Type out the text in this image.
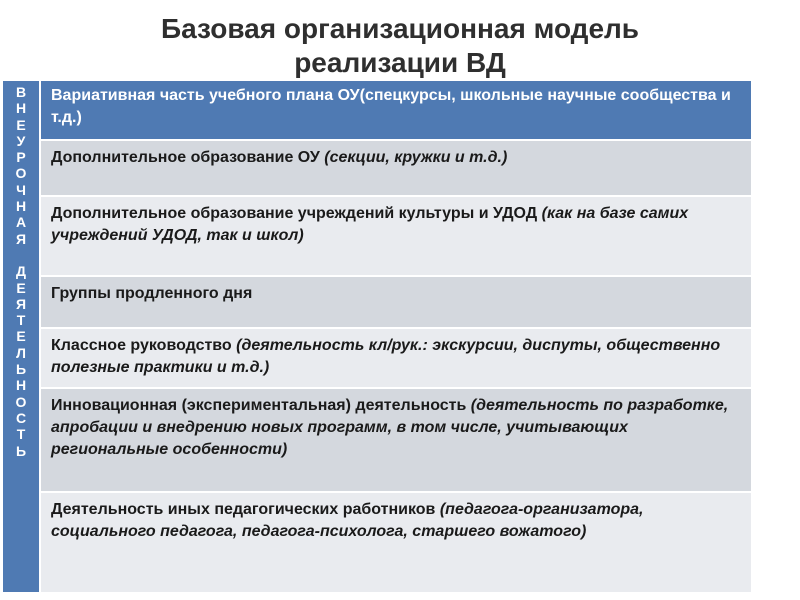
Базовая организационная модель
реализации ВД
В
Н
Е
У
Р
О
Ч
Н
А
Я

Д
Е
Я
Т
Е
Л
Ь
Н
О
С
Т
Ь
Вариативная часть учебного плана ОУ(спецкурсы, школьные научные сообщества и т.д.)
Дополнительное образование ОУ (секции, кружки и т.д.)
Дополнительное образование учреждений культуры и УДОД (как на базе самих учреждений УДОД, так и школ)
Группы продленного дня
Классное руководство (деятельность кл/рук.: экскурсии, диспуты, общественно полезные практики и т.д.)
Инновационная (экспериментальная) деятельность (деятельность по разработке, апробации и внедрению новых программ, в том числе, учитывающих региональные особенности)
Деятельность иных педагогических работников (педагога-организатора, социального педагога, педагога-психолога, старшего вожатого)
